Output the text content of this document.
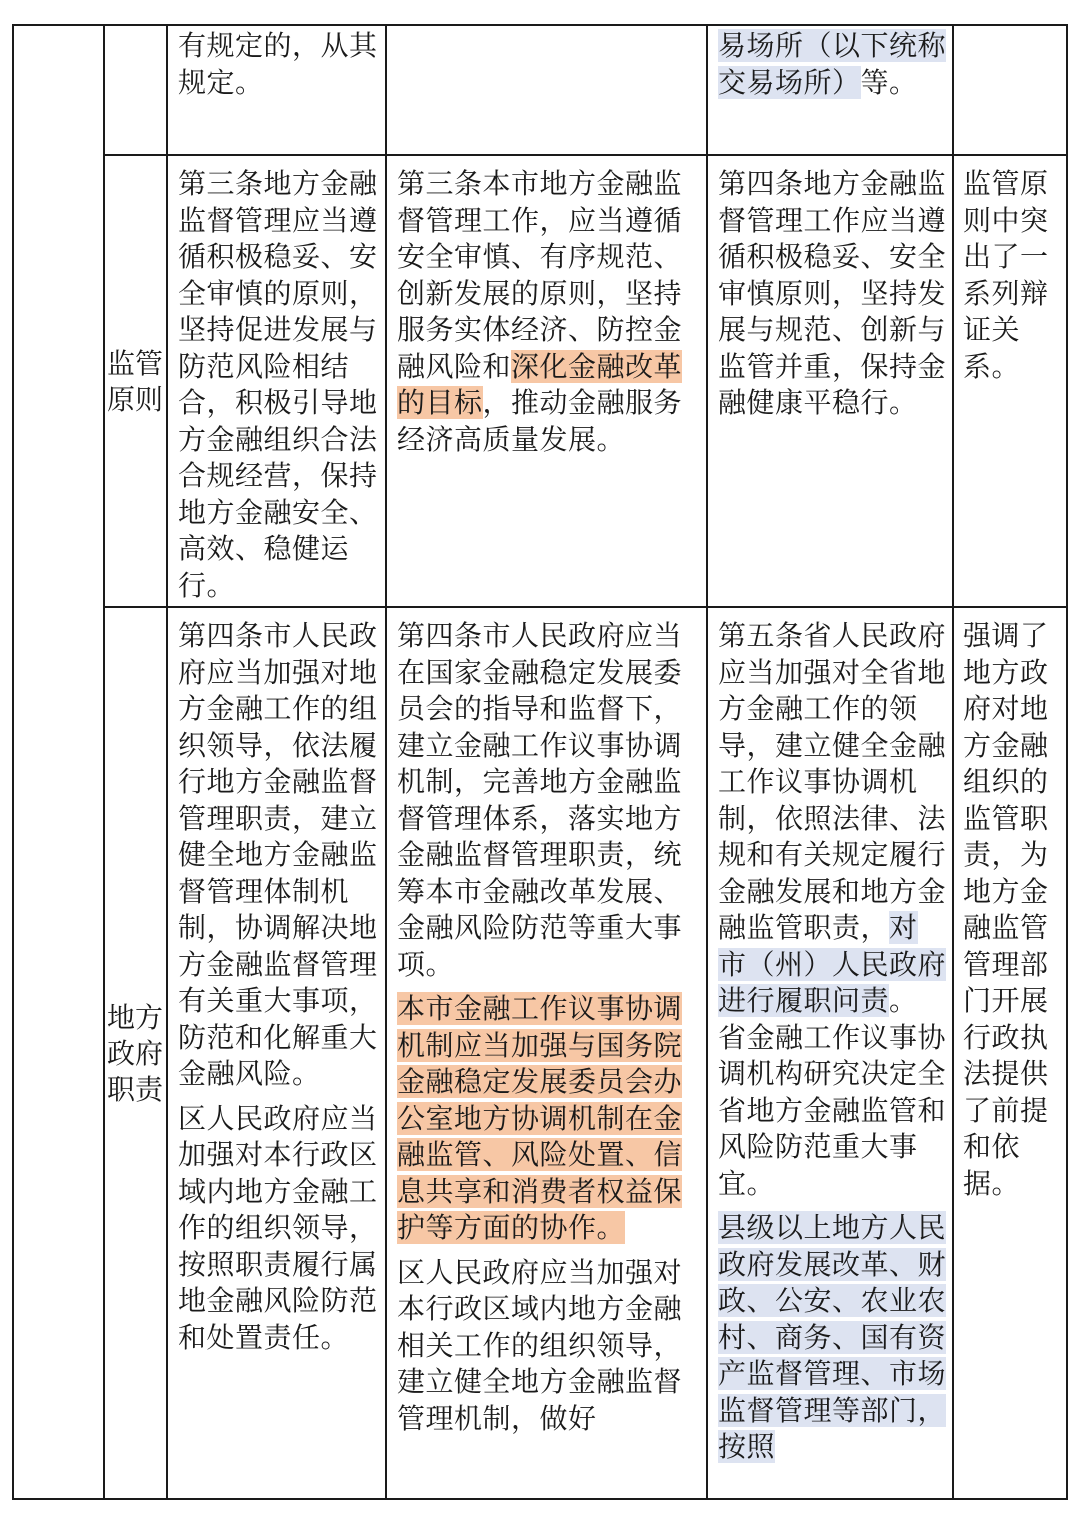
有规定的，从其规定。

易场所（以下统称交易场所）等。

监管原则

第三条地方金融监督管理应当遵循积极稳妥、安全审慎的原则，坚持促进发展与防范风险相结合，积极引导地方金融组织合法合规经营，保持地方金融安全、高效、稳健运行。

第三条本市地方金融监督管理工作，应当遵循安全审慎、有序规范、创新发展的原则，坚持服务实体经济、防控金融风险和深化金融改革的目标，推动金融服务经济高质量发展。

第四条地方金融监督管理工作应当遵循积极稳妥、安全审慎原则，坚持发展与规范、创新与监管并重，保持金融健康平稳行。

监管原则中突出了一系列辩证关系。

地方政府职责

第四条市人民政府应当加强对地方金融工作的组织领导，依法履行地方金融监督管理职责，建立健全地方金融监督管理体制机制，协调解决地方金融监督管理有关重大事项，防范和化解重大金融风险。

区人民政府应当加强对本行政区域内地方金融工作的组织领导，按照职责履行属地金融风险防范和处置责任。

第四条市人民政府应当在国家金融稳定发展委员会的指导和监督下，建立金融工作议事协调机制，完善地方金融监督管理体系，落实地方金融监督管理职责，统筹本市金融改革发展、金融风险防范等重大事项。

本市金融工作议事协调机制应当加强与国务院金融稳定发展委员会办公室地方协调机制在金融监管、风险处置、信息共享和消费者权益保护等方面的协作。

区人民政府应当加强对本行政区域内地方金融相关工作的组织领导，建立健全地方金融监督管理机制，做好

第五条省人民政府应当加强对全省地方金融工作的领导，建立健全金融工作议事协调机制，依照法律、法规和有关规定履行金融发展和地方金融监管职责，对市（州）人民政府进行履职问责。省金融工作议事协调机构研究决定全省地方金融监管和风险防范重大事宜。

县级以上地方人民政府发展改革、财政、公安、农业农村、商务、国有资产监督管理、市场监督管理等部门，按照

强调了地方政府对地方金融组织的监管职责，为地方金融监管管理部门开展行政执法提供了前提和依据。
